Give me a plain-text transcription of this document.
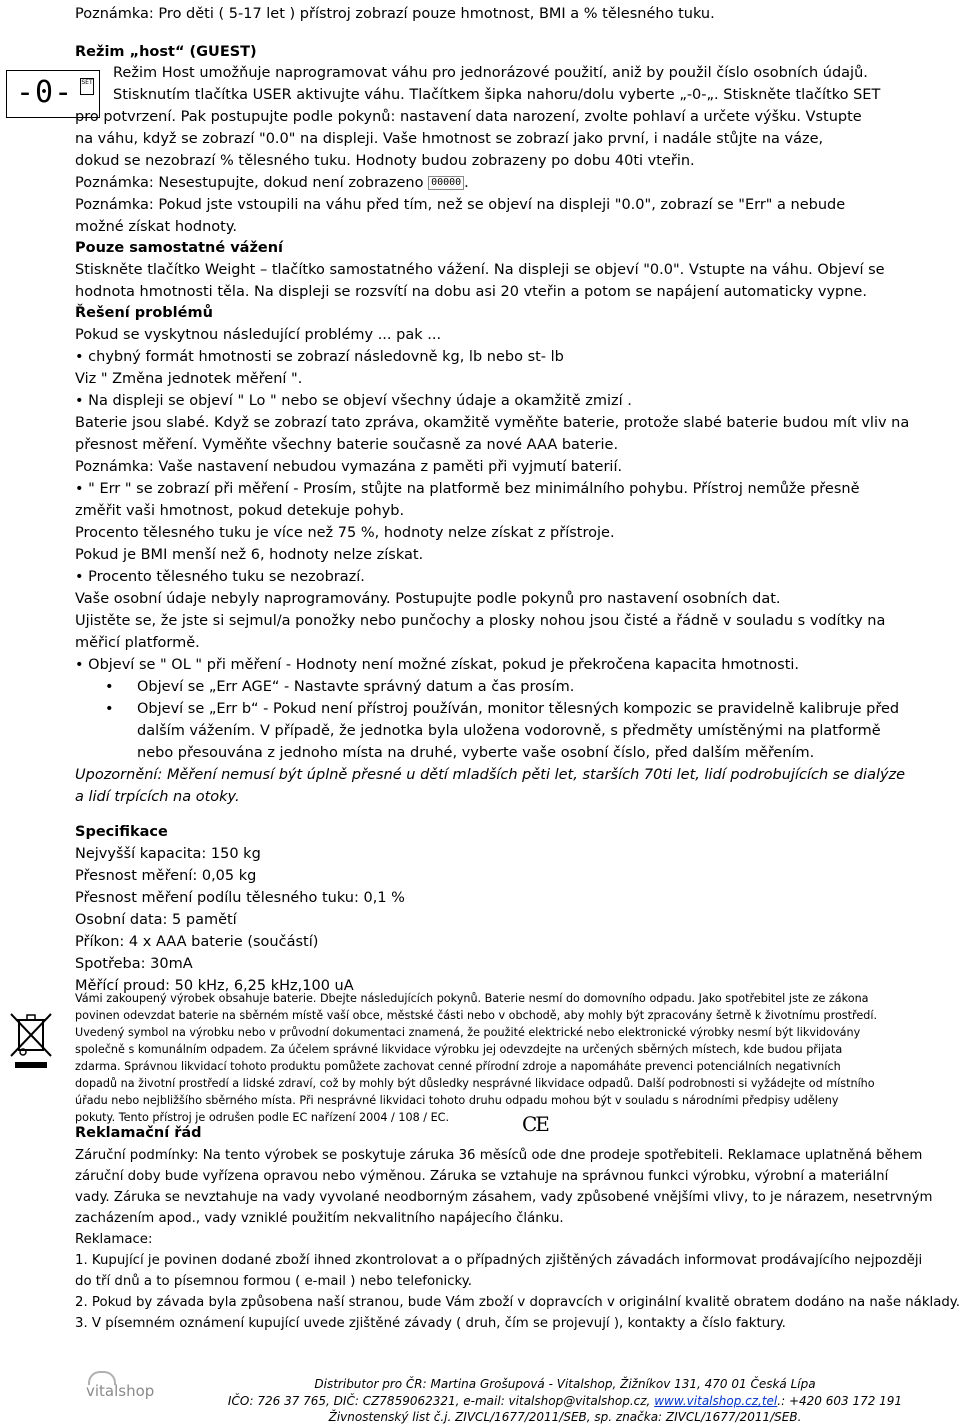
Poznámka: Pro děti ( 5-17 let ) přístroj zobrazí pouze hmotnost, BMI a % tělesného tuku.
Režim „host“ (GUEST)
-0- SET
Režim Host umožňuje naprogramovat váhu pro jednorázové použití, aniž by použil číslo osobních údajů.
Stisknutím tlačítka USER aktivujte váhu. Tlačítkem šipka nahoru/dolu vyberte „-0-„. Stiskněte tlačítko SET
pro potvrzení. Pak postupujte podle pokynů: nastavení data narození, zvolte pohlaví a určete výšku. Vstupte
na váhu, když se zobrazí "0.0" na displeji. Vaše hmotnost se zobrazí jako první, i nadále stůjte na váze,
dokud se nezobrazí % tělesného tuku. Hodnoty budou zobrazeny po dobu 40ti vteřin.
Poznámka: Nesestupujte, dokud není zobrazeno 00000 .
Poznámka: Pokud jste vstoupili na váhu před tím, než se objeví na displeji "0.0", zobrazí se "Err" a nebude
možné získat hodnoty.
Pouze samostatné vážení
Stiskněte tlačítko Weight – tlačítko samostatného vážení. Na displeji se objeví "0.0". Vstupte na váhu. Objeví se
hodnota hmotnosti těla. Na displeji se rozsvítí na dobu asi 20 vteřin a potom se napájení automaticky vypne.
Řešení problémů
Pokud se vyskytnou následující problémy ... pak ...
• chybný formát hmotnosti se zobrazí následovně kg, lb nebo st- lb
Viz " Změna jednotek měření ".
• Na displeji se objeví " Lo " nebo se objeví všechny údaje a okamžitě zmizí .
Baterie jsou slabé. Když se zobrazí tato zpráva, okamžitě vyměňte baterie, protože slabé baterie budou mít vliv na
přesnost měření. Vyměňte všechny baterie současně za nové AAA baterie.
Poznámka: Vaše nastavení nebudou vymazána z paměti při vyjmutí baterií.
• " Err " se zobrazí při měření - Prosím, stůjte na platformě bez minimálního pohybu. Přístroj nemůže přesně
změřit vaši hmotnost, pokud detekuje pohyb.
Procento tělesného tuku je více než 75 %, hodnoty nelze získat z přístroje.
Pokud je BMI menší než 6, hodnoty nelze získat.
• Procento tělesného tuku se nezobrazí.
Vaše osobní údaje nebyly naprogramovány. Postupujte podle pokynů pro nastavení osobních dat.
Ujistěte se, že jste si sejmul/a ponožky nebo punčochy a plosky nohou jsou čisté a řádně v souladu s vodítky na
měřicí platformě.
• Objeví se " OL " při měření - Hodnoty není možné získat, pokud je překročena kapacita hmotnosti.
• Objeví se „Err AGE“ - Nastavte správný datum a čas prosím.
• Objeví se „Err b“ - Pokud není přístroj používán, monitor tělesných kompozic se pravidelně kalibruje před
dalším vážením. V případě, že jednotka byla uložena vodorovně, s předměty umístěnými na platformě
nebo přesouvána z jednoho místa na druhé, vyberte vaše osobní číslo, před dalším měřením.
Upozornění: Měření nemusí být úplně přesné u dětí mladších pěti let, starších 70ti let, lidí podrobujících se dialýze
a lidí trpících na otoky.
Specifikace
Nejvyšší kapacita: 150 kg
Přesnost měření: 0,05 kg
Přesnost měření podílu tělesného tuku: 0,1 %
Osobní data: 5 pamětí
Příkon: 4 x AAA baterie (součástí)
Spotřeba: 30mA
Měřící proud: 50 kHz, 6,25 kHz,100 uA
Vámi zakoupený výrobek obsahuje baterie. Dbejte následujících pokynů. Baterie nesmí do domovního odpadu. Jako spotřebitel jste ze zákona
povinen odevzdat baterie na sběrném místě vaší obce, městské části nebo v obchodě, aby mohly být zpracovány šetrně k životnímu prostředí.
Uvedený symbol na výrobku nebo v průvodní dokumentaci znamená, že použité elektrické nebo elektronické výrobky nesmí být likvidovány
společně s komunálním odpadem. Za účelem správné likvidace výrobku jej odevzdejte na určených sběrných místech, kde budou přijata
zdarma. Správnou likvidací tohoto produktu pomůžete zachovat cenné přírodní zdroje a napomáháte prevenci potenciálních negativních
dopadů na životní prostředí a lidské zdraví, což by mohly být důsledky nesprávné likvidace odpadů. Další podrobnosti si vyžádejte od místního
úřadu nebo nejbližšího sběrného místa. Při nesprávné likvidaci tohoto druhu odpadu mohou být v souladu s národními předpisy uděleny
pokuty. Tento přístroj je odrušen podle EC nařízení 2004 / 108 / EC.	CE
Reklamační řád
Záruční podmínky: Na tento výrobek se poskytuje záruka 36 měsíců ode dne prodeje spotřebiteli. Reklamace uplatněná během
záruční doby bude vyřízena opravou nebo výměnou. Záruka se vztahuje na správnou funkci výrobku, výrobní a materiální
vady. Záruka se nevztahuje na vady vyvolané neodborným zásahem, vady způsobené vnějšími vlivy, to je nárazem, nesetrvným
zacházením apod., vady vzniklé použitím nekvalitního napájecího článku.
Reklamace:
1. Kupující je povinen dodané zboží ihned zkontrolovat a o případných zjištěných závadách informovat prodávajícího nejpozději
do tří dnů a to písemnou formou ( e-mail ) nebo telefonicky.
2. Pokud by závada byla způsobena naší stranou, bude Vám zboží v dopravcích v originální kvalitě obratem dodáno na naše náklady.
3. V písemném oznámení kupující uvede zjištěné závady ( druh, čím se projevují ), kontakty a číslo faktury.
vitalshop	Distributor pro ČR: Martina Grošupová - Vitalshop, Žižníkov 131, 470 01 Česká Lípa
IČO: 726 37 765, DIČ: CZ7859062321, e-mail: vitalshop@vitalshop.cz, www.vitalshop.cz,tel.: +420 603 172 191
Živnostenský list č.j. ZIVCL/1677/2011/SEB, sp. značka: ZIVCL/1677/2011/SEB.
